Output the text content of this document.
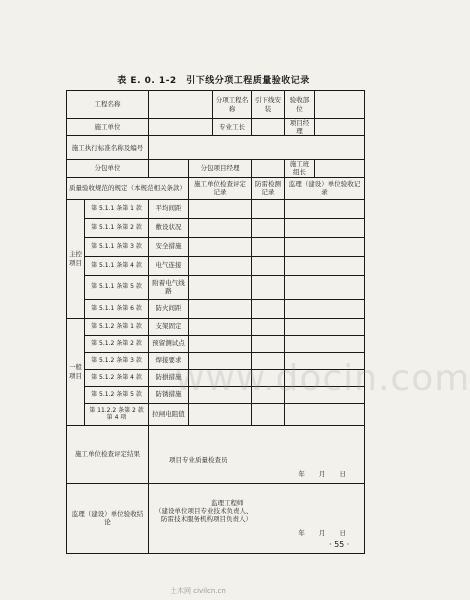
表 E. 0. 1-2　引下线分项工程质量验收记录
工程名称				分项工程名称	引下线安装	验收部位	
施工单位				专业工长		项目经理	
施工执行标准名称及编号							
分包单位			分包项目经理			施工班组长	
质量验收规范的规定（本规范相关条款）			施工单位检查评定记录		防雷检测记录	监理（建设）单位验收记录	
主控项目	第 5.1.1 条第 1 款	平均间距					
	第 5.1.1 条第 2 款	敷设状况					
	第 5.1.1 条第 3 款	安全措施					
	第 5.1.1 条第 4 款	电气连接					
	第 5.1.1 条第 5 款	附着电气线路					
	第 5.1.1 条第 6 款	防火间距					
一般项目	第 5.1.2 条第 1 款	支架固定					
	第 5.1.2 条第 2 款	预留测试点					
	第 5.1.2 条第 3 款	焊接要求					
	第 5.1.2 条第 4 款	防損措施					
	第 5.1.2 条第 5 款	防锈措施					
	第 11.2.2 条第 2 款第 4 项	拉闸电阻值					
施工单位检查评定结果		项目专业质量检查员
年 月 日					

监理（建设）单位验收结论		监理工程师
（建设单位项目专业技术负责人、
防雷技术服务机构项目负责人）
年 月 日					
www.docin.com
· 55 ·
土木网 civilcn.cn
